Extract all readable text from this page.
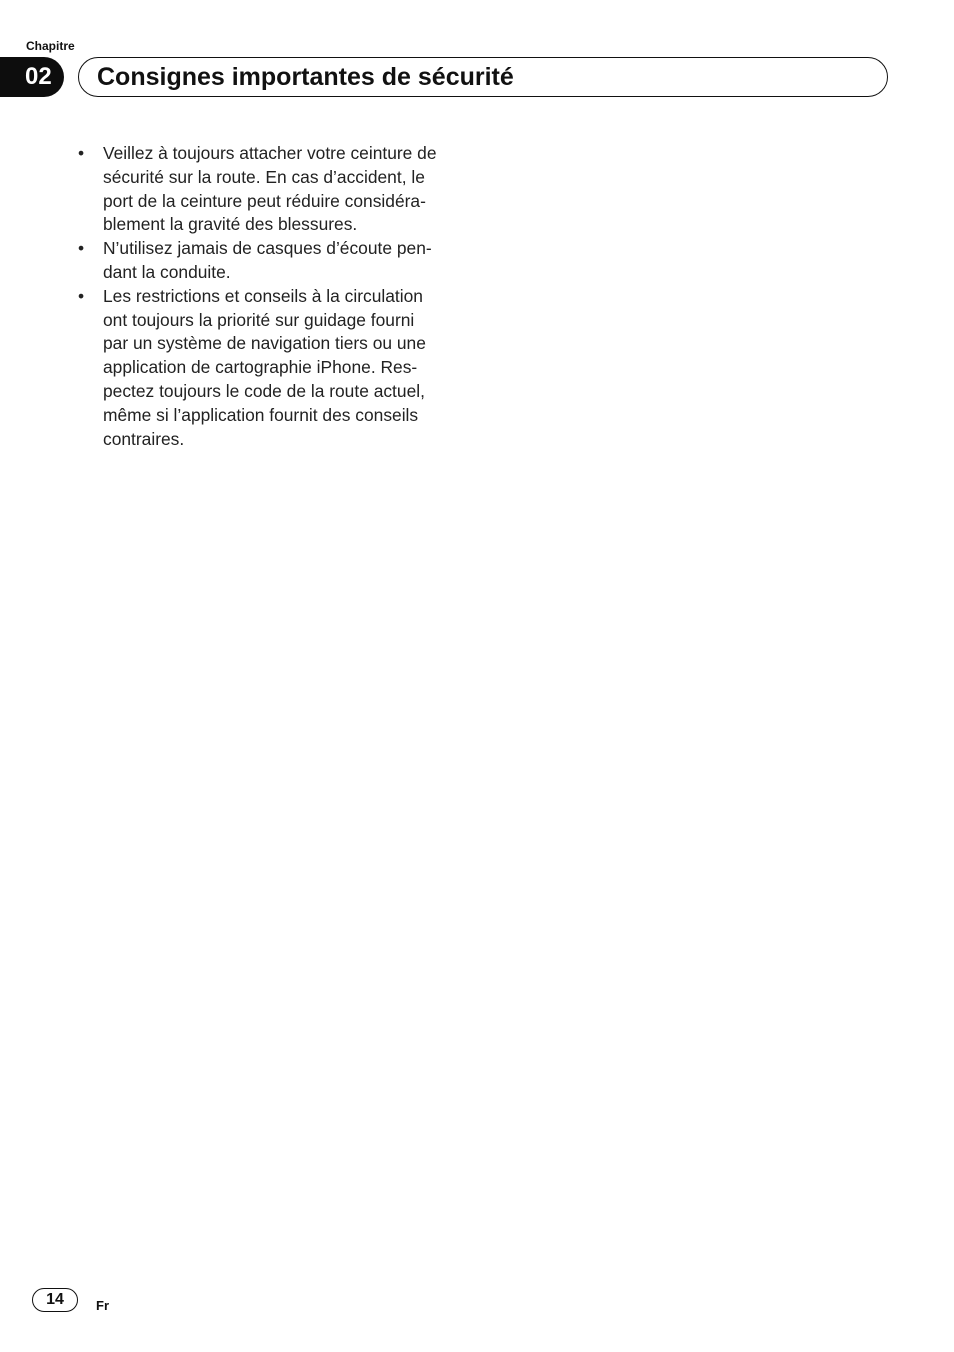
Chapitre
02	Consignes importantes de sécurité
• Veillez à toujours attacher votre ceinture de
sécurité sur la route. En cas d’accident, le
port de la ceinture peut réduire considéra-
blement la gravité des blessures.
• N’utilisez jamais de casques d’écoute pen-
dant la conduite.
• Les restrictions et conseils à la circulation
ont toujours la priorité sur guidage fourni
par un système de navigation tiers ou une
application de cartographie iPhone. Res-
pectez toujours le code de la route actuel,
même si l’application fournit des conseils
contraires.
14	Fr
